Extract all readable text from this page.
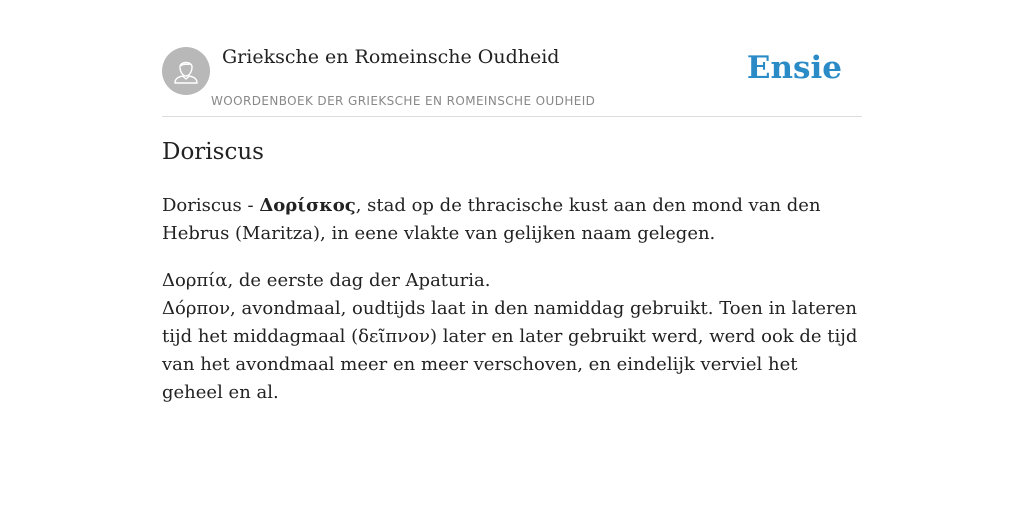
Grieksche en Romeinsche Oudheid
WOORDENBOEK DER GRIEKSCHE EN ROMEINSCHE OUDHEID
Ensie
Doriscus

Doriscus - Δορίσκος, stad op de thracische kust aan den mond van den Hebrus (Maritza), in eene vlakte van gelijken naam gelegen.

Δορπία, de eerste dag der Apaturia.
Δόρπον, avondmaal, oudtijds laat in den namiddag gebruikt. Toen in lateren tijd het middagmaal (δεῖπνον) later en later gebruikt werd, werd ook de tijd van het avondmaal meer en meer verschoven, en eindelijk verviel het geheel en al.
